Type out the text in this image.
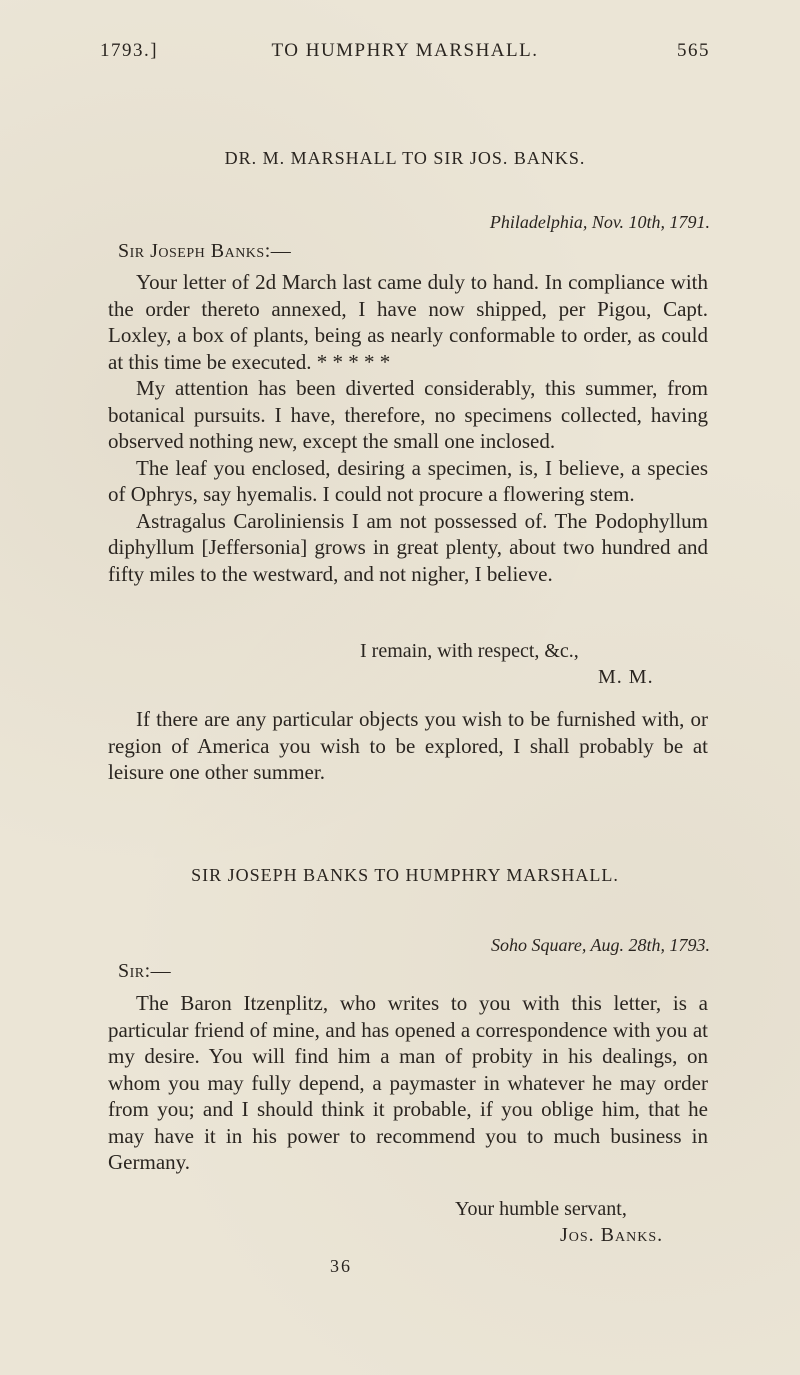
1793.]	TO HUMPHRY MARSHALL.	565
DR. M. MARSHALL TO SIR JOS. BANKS.
Philadelphia, Nov. 10th, 1791.
Sir Joseph Banks:—

Your letter of 2d March last came duly to hand. In compliance with the order thereto annexed, I have now shipped, per Pigou, Capt. Loxley, a box of plants, being as nearly conformable to order, as could at this time be executed. * * * * *

My attention has been diverted considerably, this summer, from botanical pursuits. I have, therefore, no specimens collected, having observed nothing new, except the small one inclosed.

The leaf you enclosed, desiring a specimen, is, I believe, a species of Ophrys, say hyemalis. I could not procure a flowering stem.

Astragalus Caroliniensis I am not possessed of. The Podophyllum diphyllum [Jeffersonia] grows in great plenty, about two hundred and fifty miles to the westward, and not nigher, I believe.

I remain, with respect, &c.,
M. M.

If there are any particular objects you wish to be furnished with, or region of America you wish to be explored, I shall probably be at leisure one other summer.

SIR JOSEPH BANKS TO HUMPHRY MARSHALL.
Soho Square, Aug. 28th, 1793.
Sir:—

The Baron Itzenplitz, who writes to you with this letter, is a particular friend of mine, and has opened a correspondence with you at my desire. You will find him a man of probity in his dealings, on whom you may fully depend, a paymaster in whatever he may order from you; and I should think it probable, if you oblige him, that he may have it in his power to recommend you to much business in Germany.

Your humble servant,
Jos. Banks.
36
